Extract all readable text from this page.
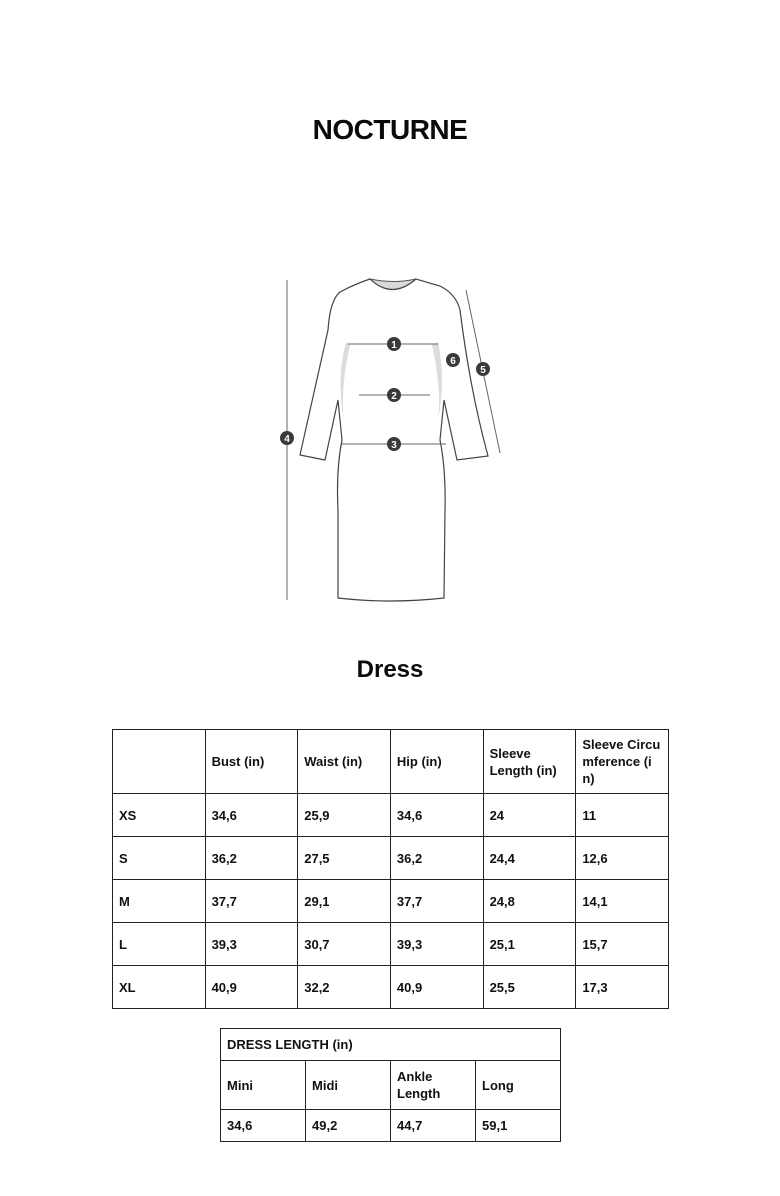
NOCTURNE
1
2
3
4
5
6
Dress
	Bust (in)	Waist (in)	Hip (in)	Sleeve Length (in)	Sleeve Circumference (in)
XS	34,6	25,9	34,6	24	11
S	36,2	27,5	36,2	24,4	12,6
M	37,7	29,1	37,7	24,8	14,1
L	39,3	30,7	39,3	25,1	15,7
XL	40,9	32,2	40,9	25,5	17,3
DRESS LENGTH (in)			
Mini	Midi	Ankle Length	Long
34,6	49,2	44,7	59,1
